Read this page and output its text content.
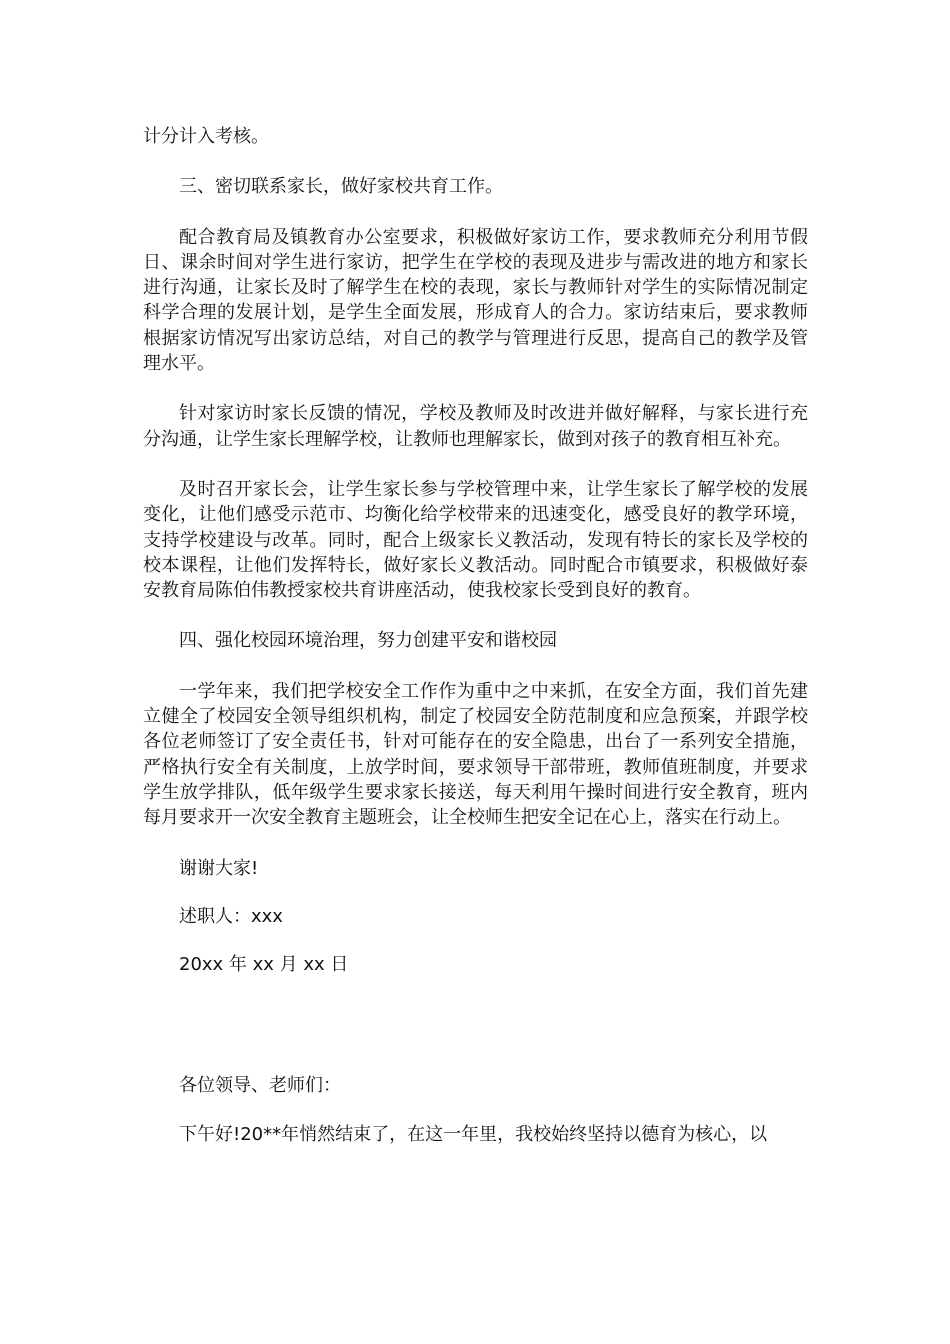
计分计入考核。

三、密切联系家长，做好家校共育工作。

配合教育局及镇教育办公室要求，积极做好家访工作，要求教师充分利用节假日、课余时间对学生进行家访，把学生在学校的表现及进步与需改进的地方和家长进行沟通，让家长及时了解学生在校的表现，家长与教师针对学生的实际情况制定科学合理的发展计划，是学生全面发展，形成育人的合力。家访结束后，要求教师根据家访情况写出家访总结，对自己的教学与管理进行反思，提高自己的教学及管理水平。

针对家访时家长反馈的情况，学校及教师及时改进并做好解释，与家长进行充分沟通，让学生家长理解学校，让教师也理解家长，做到对孩子的教育相互补充。

及时召开家长会，让学生家长参与学校管理中来，让学生家长了解学校的发展变化，让他们感受示范市、均衡化给学校带来的迅速变化，感受良好的教学环境，支持学校建设与改革。同时，配合上级家长义教活动，发现有特长的家长及学校的校本课程，让他们发挥特长，做好家长义教活动。同时配合市镇要求，积极做好泰安教育局陈伯伟教授家校共育讲座活动，使我校家长受到良好的教育。

四、强化校园环境治理，努力创建平安和谐校园

一学年来，我们把学校安全工作作为重中之中来抓，在安全方面，我们首先建立健全了校园安全领导组织机构，制定了校园安全防范制度和应急预案，并跟学校各位老师签订了安全责任书，针对可能存在的安全隐患，出台了一系列安全措施，严格执行安全有关制度，上放学时间，要求领导干部带班，教师值班制度，并要求学生放学排队，低年级学生要求家长接送，每天利用午操时间进行安全教育，班内每月要求开一次安全教育主题班会，让全校师生把安全记在心上，落实在行动上。

谢谢大家!

述职人：xxx

20xx 年 xx 月 xx 日

各位领导、老师们：

下午好!20**年悄然结束了，在这一年里，我校始终坚持以德育为核心，以
